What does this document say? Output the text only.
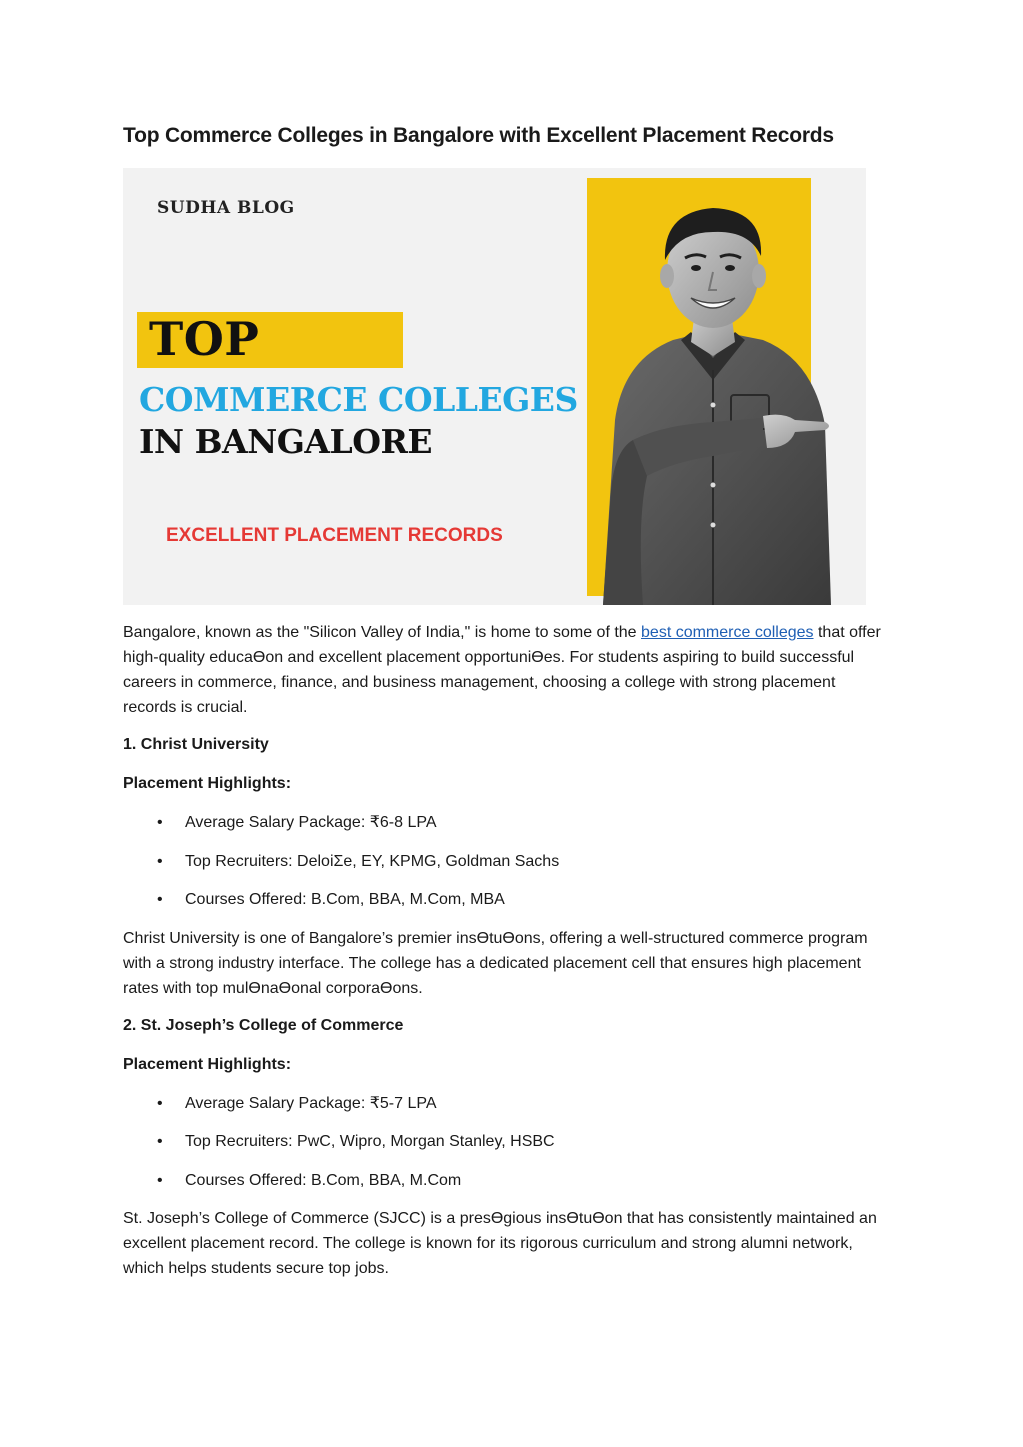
Top Commerce Colleges in Bangalore with Excellent Placement Records
SUDHA BLOG
TOP
COMMERCE COLLEGES
IN BANGALORE
EXCELLENT PLACEMENT RECORDS

Bangalore, known as the "Silicon Valley of India," is home to some of the best commerce colleges that offer high-quality educaƟon and excellent placement opportuniƟes. For students aspiring to build successful careers in commerce, finance, and business management, choosing a college with strong placement records is crucial.

1. Christ University

Placement Highlights:

• Average Salary Package: ₹6-8 LPA
• Top Recruiters: DeloiƩe, EY, KPMG, Goldman Sachs
• Courses Offered: B.Com, BBA, M.Com, MBA

Christ University is one of Bangalore’s premier insƟtuƟons, offering a well-structured commerce program with a strong industry interface. The college has a dedicated placement cell that ensures high placement rates with top mulƟnaƟonal corporaƟons.

2. St. Joseph’s College of Commerce

Placement Highlights:

• Average Salary Package: ₹5-7 LPA
• Top Recruiters: PwC, Wipro, Morgan Stanley, HSBC
• Courses Offered: B.Com, BBA, M.Com

St. Joseph’s College of Commerce (SJCC) is a presƟgious insƟtuƟon that has consistently maintained an excellent placement record. The college is known for its rigorous curriculum and strong alumni network, which helps students secure top jobs.
